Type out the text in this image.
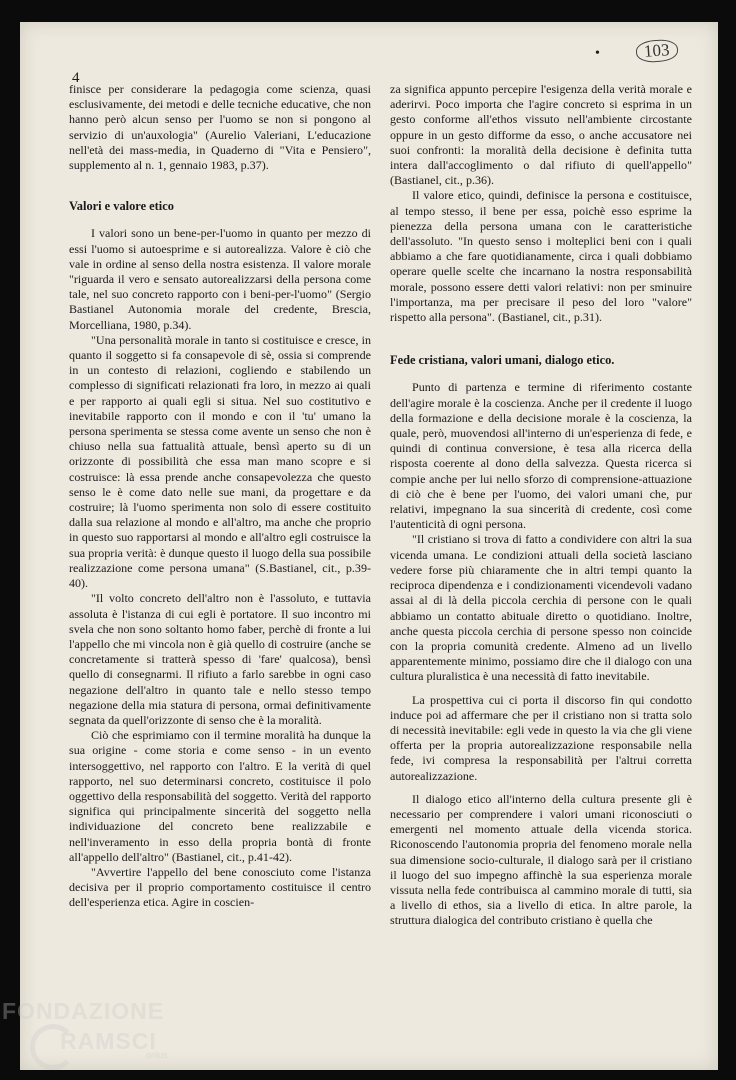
4
•	103

finisce per considerare la pedagogia come scienza, quasi esclusivamente, dei metodi e delle tecniche educative, che non hanno però alcun senso per l'uomo se non si pongono al servizio di un'auxologia" (Aurelio Valeriani, L'educazione nell'età dei mass-media, in Quaderno di "Vita e Pensiero", supplemento al n. 1, gennaio 1983, p.37).

Valori e valore etico

I valori sono un bene-per-l'uomo in quanto per mezzo di essi l'uomo si autoesprime e si autorealizza. Valore è ciò che vale in ordine al senso della nostra esistenza. Il valore morale "riguarda il vero e sensato autorealizzarsi della persona come tale, nel suo concreto rapporto con i beni-per-l'uomo" (Sergio Bastianel Autonomia morale del credente, Brescia, Morcelliana, 1980, p.34).

"Una personalità morale in tanto si costituisce e cresce, in quanto il soggetto si fa consapevole di sè, ossia si comprende in un contesto di relazioni, cogliendo e stabilendo un complesso di significati relazionati fra loro, in mezzo ai quali e per rapporto ai quali egli si situa. Nel suo costitutivo e inevitabile rapporto con il mondo e con il 'tu' umano la persona sperimenta se stessa come avente un senso che non è chiuso nella sua fattualità attuale, bensì aperto su di un orizzonte di possibilità che essa man mano scopre e si costruisce: là essa prende anche consapevolezza che questo senso le è come dato nelle sue mani, da progettare e da costruire; là l'uomo sperimenta non solo di essere costituito dalla sua relazione al mondo e all'altro, ma anche che proprio in questo suo rapportarsi al mondo e all'altro egli costruisce la sua propria verità: è dunque questo il luogo della sua possibile realizzazione come persona umana" (S.Bastianel, cit., p.39-40).

"Il volto concreto dell'altro non è l'assoluto, e tuttavia assoluta è l'istanza di cui egli è portatore. Il suo incontro mi svela che non sono soltanto homo faber, perchè di fronte a lui l'appello che mi vincola non è già quello di costruire (anche se concretamente si tratterà spesso di 'fare' qualcosa), bensì quello di consegnarmi. Il rifiuto a farlo sarebbe in ogni caso negazione dell'altro in quanto tale e nello stesso tempo negazione della mia statura di persona, ormai definitivamente segnata da quell'orizzonte di senso che è la moralità.

Ciò che esprimiamo con il termine moralità ha dunque la sua origine - come storia e come senso - in un evento intersoggettivo, nel rapporto con l'altro. E la verità di quel rapporto, nel suo determinarsi concreto, costituisce il polo oggettivo della responsabilità del soggetto. Verità del rapporto significa qui principalmente sincerità del soggetto nella individuazione del concreto bene realizzabile e nell'inveramento in esso della propria bontà di fronte all'appello dell'altro" (Bastianel, cit., p.41-42).

"Avvertire l'appello del bene conosciuto come l'istanza decisiva per il proprio comportamento costituisce il centro dell'esperienza etica. Agire in coscien-

za significa appunto percepire l'esigenza della verità morale e aderirvi. Poco importa che l'agire concreto si esprima in un gesto conforme all'ethos vissuto nell'ambiente circostante oppure in un gesto difforme da esso, o anche accusatore nei suoi confronti: la moralità della decisione è definita tutta intera dall'accoglimento o dal rifiuto di quell'appello" (Bastianel, cit., p.36).

Il valore etico, quindi, definisce la persona e costituisce, al tempo stesso, il bene per essa, poichè esso esprime la pienezza della persona umana con le caratteristiche dell'assoluto. "In questo senso i molteplici beni con i quali abbiamo a che fare quotidianamente, circa i quali dobbiamo operare quelle scelte che incarnano la nostra responsabilità morale, possono essere detti valori relativi: non per sminuire l'importanza, ma per precisare il peso del loro "valore" rispetto alla persona". (Bastianel, cit., p.31).

Fede cristiana, valori umani, dialogo etico.

Punto di partenza e termine di riferimento costante dell'agire morale è la coscienza. Anche per il credente il luogo della formazione e della decisione morale è la coscienza, la quale, però, muovendosi all'interno di un'esperienza di fede, e quindi di continua conversione, è tesa alla ricerca della risposta coerente al dono della salvezza. Questa ricerca si compie anche per lui nello sforzo di comprensione-attuazione di ciò che è bene per l'uomo, dei valori umani che, pur relativi, impegnano la sua sincerità di credente, così come l'autenticità di ogni persona.

"Il cristiano si trova di fatto a condividere con altri la sua vicenda umana. Le condizioni attuali della società lasciano vedere forse più chiaramente che in altri tempi quanto la reciproca dipendenza e i condizionamenti vicendevoli vadano assai al di là della piccola cerchia di persone con le quali abbiamo un contatto abituale diretto o quotidiano. Inoltre, anche questa piccola cerchia di persone spesso non coincide con la propria comunità credente. Almeno ad un livello apparentemente minimo, possiamo dire che il dialogo con una cultura pluralistica è una necessità di fatto inevitabile.

La prospettiva cui ci porta il discorso fin qui condotto induce poi ad affermare che per il cristiano non si tratta solo di necessità inevitabile: egli vede in questo la via che gli viene offerta per la propria autorealizzazione responsabile nella fede, ivi compresa la responsabilità per l'altrui corretta autorealizzazione.

Il dialogo etico all'interno della cultura presente gli è necessario per comprendere i valori umani riconosciuti o emergenti nel momento attuale della vicenda storica. Riconoscendo l'autonomia propria del fenomeno morale nella sua dimensione socio-culturale, il dialogo sarà per il cristiano il luogo del suo impegno affinchè la sua esperienza morale vissuta nella fede contribuisca al cammino morale di tutti, sia a livello di ethos, sia a livello di etica. In altre parole, la struttura dialogica del contributo cristiano è quella che

FONDAZIONE
RAMSCI
onlus
